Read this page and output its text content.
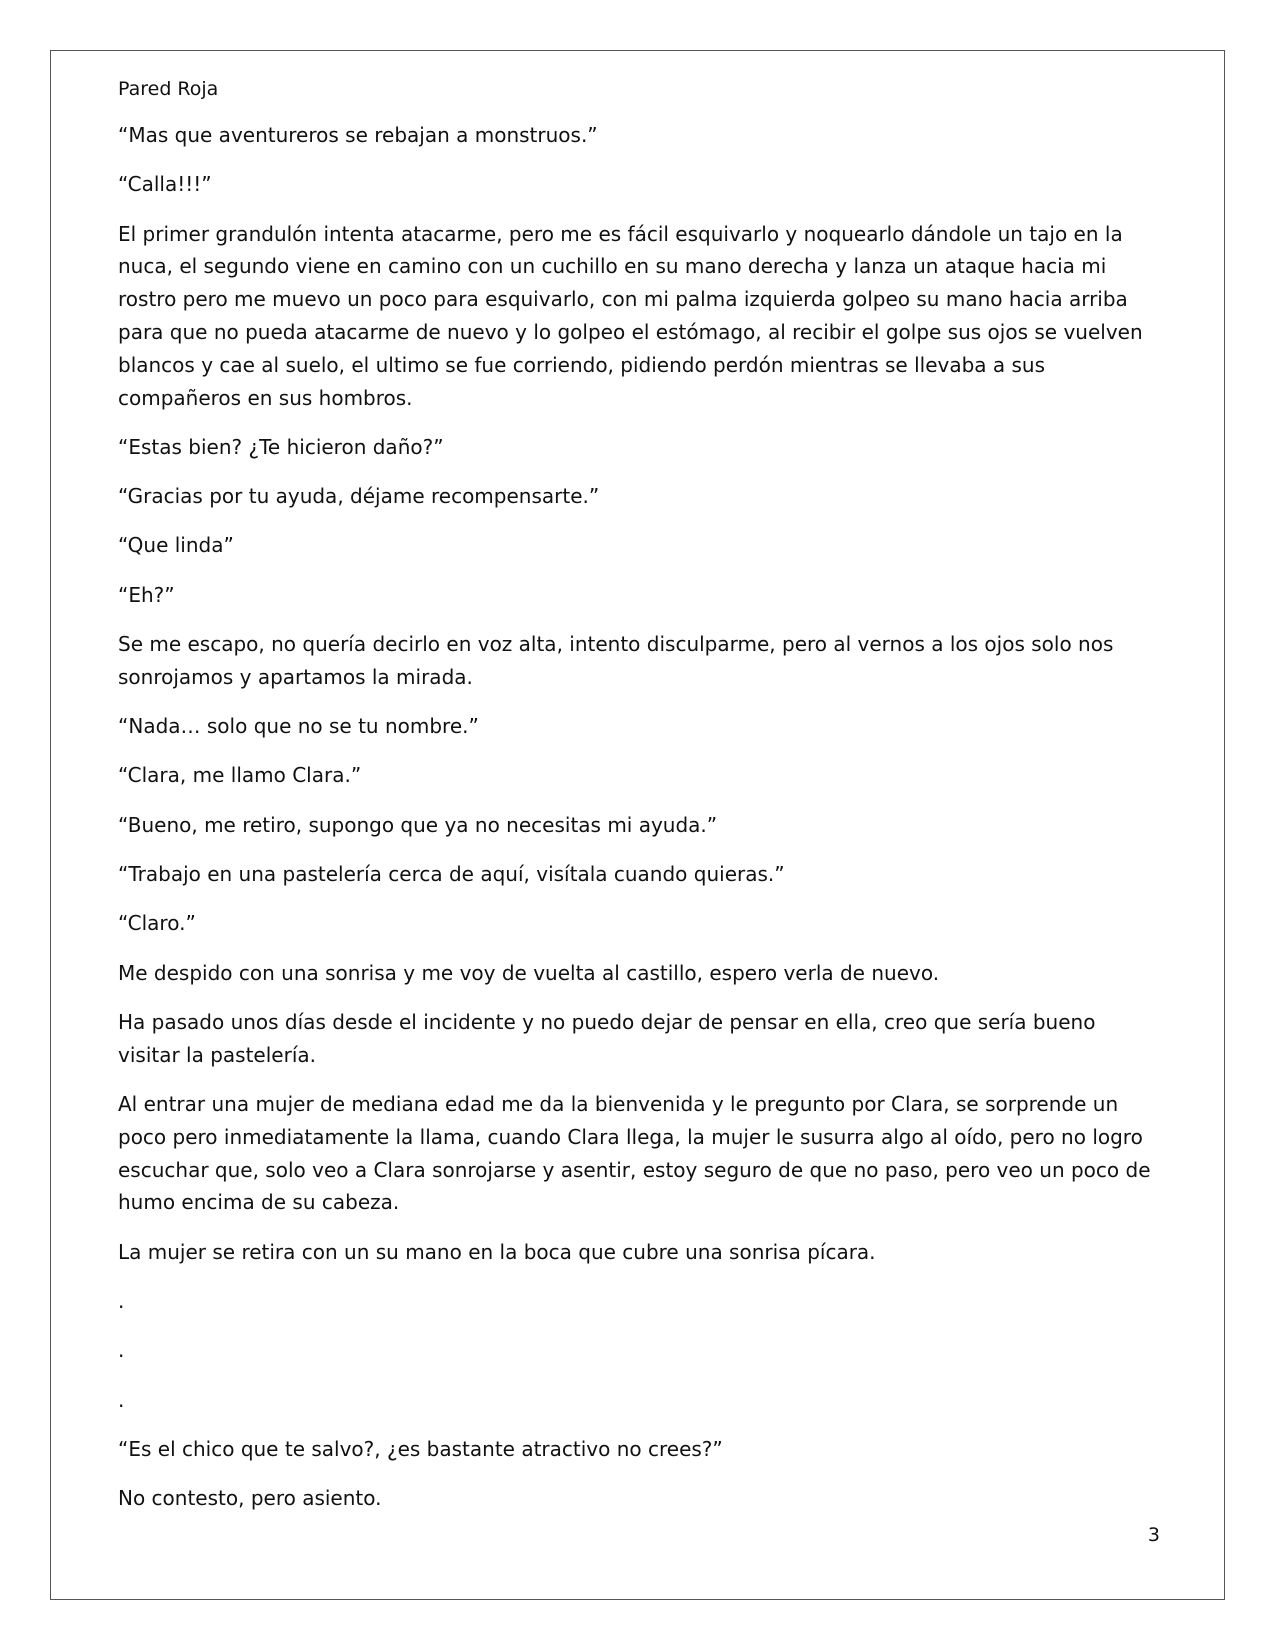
Pared Roja

“Mas que aventureros se rebajan a monstruos.”

“Calla!!!”

El primer grandulón intenta atacarme, pero me es fácil esquivarlo y noquearlo dándole un tajo en la nuca, el segundo viene en camino con un cuchillo en su mano derecha y lanza un ataque hacia mi rostro pero me muevo un poco para esquivarlo, con mi palma izquierda golpeo su mano hacia arriba para que no pueda atacarme de nuevo y lo golpeo el estómago, al recibir el golpe sus ojos se vuelven blancos y cae al suelo, el ultimo se fue corriendo, pidiendo perdón mientras se llevaba a sus compañeros en sus hombros.

“Estas bien? ¿Te hicieron daño?”

“Gracias por tu ayuda, déjame recompensarte.”

“Que linda”

“Eh?”

Se me escapo, no quería decirlo en voz alta, intento disculparme, pero al vernos a los ojos solo nos sonrojamos y apartamos la mirada.

“Nada… solo que no se tu nombre.”

“Clara, me llamo Clara.”

“Bueno, me retiro, supongo que ya no necesitas mi ayuda.”

“Trabajo en una pastelería cerca de aquí, visítala cuando quieras.”

“Claro.”

Me despido con una sonrisa y me voy de vuelta al castillo, espero verla de nuevo.

Ha pasado unos días desde el incidente y no puedo dejar de pensar en ella, creo que sería bueno visitar la pastelería.

Al entrar una mujer de mediana edad me da la bienvenida y le pregunto por Clara, se sorprende un poco pero inmediatamente la llama, cuando Clara llega, la mujer le susurra algo al oído, pero no logro escuchar que, solo veo a Clara sonrojarse y asentir, estoy seguro de que no paso, pero veo un poco de humo encima de su cabeza.

La mujer se retira con un su mano en la boca que cubre una sonrisa pícara.

.

.

.

“Es el chico que te salvo?, ¿es bastante atractivo no crees?”

No contesto, pero asiento.

3
